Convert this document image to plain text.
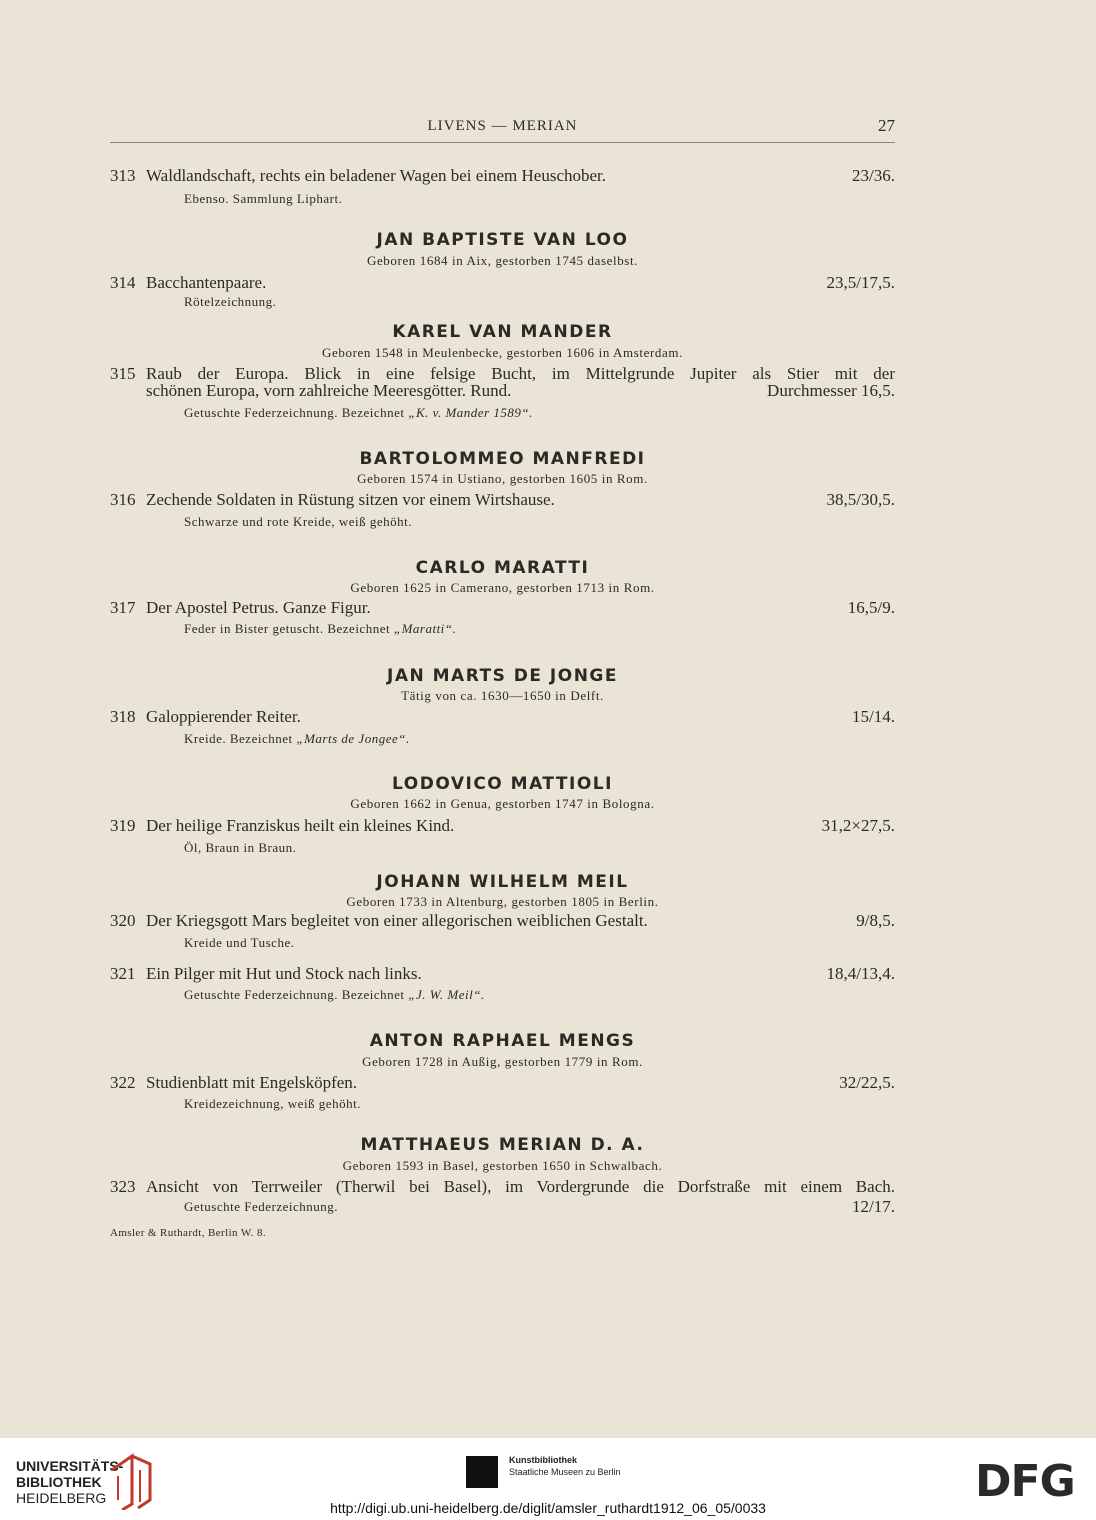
LIVENS — MERIAN	27
313 Waldlandschaft, rechts ein beladener Wagen bei einem Heuschober.	23/36.
Ebenso. Sammlung Liphart.
JAN BAPTISTE VAN LOO
Geboren 1684 in Aix, gestorben 1745 daselbst.
314 Bacchantenpaare.	23,5/17,5.
Rötelzeichnung.
KAREL VAN MANDER
Geboren 1548 in Meulenbecke, gestorben 1606 in Amsterdam.
315 Raub der Europa. Blick in eine felsige Bucht, im Mittelgrunde Jupiter als Stier mit der
schönen Europa, vorn zahlreiche Meeresgötter. Rund.	Durchmesser 16,5.
Getuschte Federzeichnung. Bezeichnet „K. v. Mander 1589“.
BARTOLOMMEO MANFREDI
Geboren 1574 in Ustiano, gestorben 1605 in Rom.
316 Zechende Soldaten in Rüstung sitzen vor einem Wirtshause.	38,5/30,5.
Schwarze und rote Kreide, weiß gehöht.
CARLO MARATTI
Geboren 1625 in Camerano, gestorben 1713 in Rom.
317 Der Apostel Petrus. Ganze Figur.	16,5/9.
Feder in Bister getuscht. Bezeichnet „Maratti“.
JAN MARTS DE JONGE
Tätig von ca. 1630—1650 in Delft.
318 Galoppierender Reiter.	15/14.
Kreide. Bezeichnet „Marts de Jongee“.
LODOVICO MATTIOLI
Geboren 1662 in Genua, gestorben 1747 in Bologna.
319 Der heilige Franziskus heilt ein kleines Kind.	31,2×27,5.
Öl, Braun in Braun.
JOHANN WILHELM MEIL
Geboren 1733 in Altenburg, gestorben 1805 in Berlin.
320 Der Kriegsgott Mars begleitet von einer allegorischen weiblichen Gestalt.	9/8,5.
Kreide und Tusche.
321 Ein Pilger mit Hut und Stock nach links.	18,4/13,4.
Getuschte Federzeichnung. Bezeichnet „J. W. Meil“.
ANTON RAPHAEL MENGS
Geboren 1728 in Außig, gestorben 1779 in Rom.
322 Studienblatt mit Engelsköpfen.	32/22,5.
Kreidezeichnung, weiß gehöht.
MATTHAEUS MERIAN D. A.
Geboren 1593 in Basel, gestorben 1650 in Schwalbach.
323 Ansicht von Terrweiler (Therwil bei Basel), im Vordergrunde die Dorfstraße mit einem Bach.
12/17.
Getuschte Federzeichnung.
Amsler & Ruthardt, Berlin W. 8.
UNIVERSITÄTS-
BIBLIOTHEK
HEIDELBERG
Kunstbibliothek
Staatliche Museen zu Berlin	DFG
http://digi.ub.uni-heidelberg.de/diglit/amsler_ruthardt1912_06_05/0033
